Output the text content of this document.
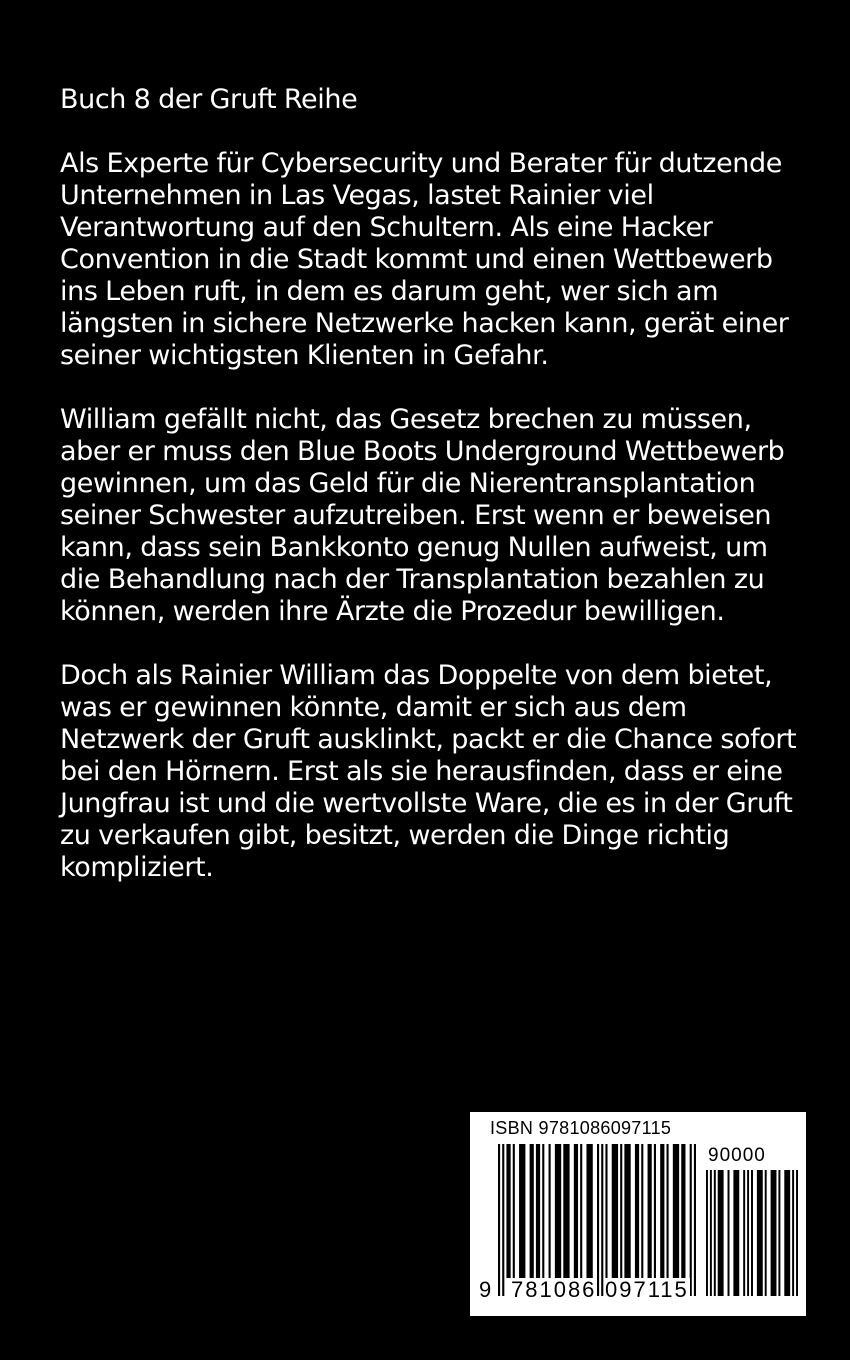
Buch 8 der Gruft Reihe

Als Experte für Cybersecurity und Berater für dutzende Unternehmen in Las Vegas, lastet Rainier viel Verantwortung auf den Schultern. Als eine Hacker Convention in die Stadt kommt und einen Wettbewerb ins Leben ruft, in dem es darum geht, wer sich am längsten in sichere Netzwerke hacken kann, gerät einer seiner wichtigsten Klienten in Gefahr.

William gefällt nicht, das Gesetz brechen zu müssen, aber er muss den Blue Boots Underground Wettbewerb gewinnen, um das Geld für die Nierentransplantation seiner Schwester aufzutreiben. Erst wenn er beweisen kann, dass sein Bankkonto genug Nullen aufweist, um die Behandlung nach der Transplantation bezahlen zu können, werden ihre Ärzte die Prozedur bewilligen.

Doch als Rainier William das Doppelte von dem bietet, was er gewinnen könnte, damit er sich aus dem Netzwerk der Gruft ausklinkt, packt er die Chance sofort bei den Hörnern. Erst als sie herausfinden, dass er eine Jungfrau ist und die wertvollste Ware, die es in der Gruft zu verkaufen gibt, besitzt, werden die Dinge richtig kompliziert.

ISBN 9781086097115
90000
9 781086 097115
